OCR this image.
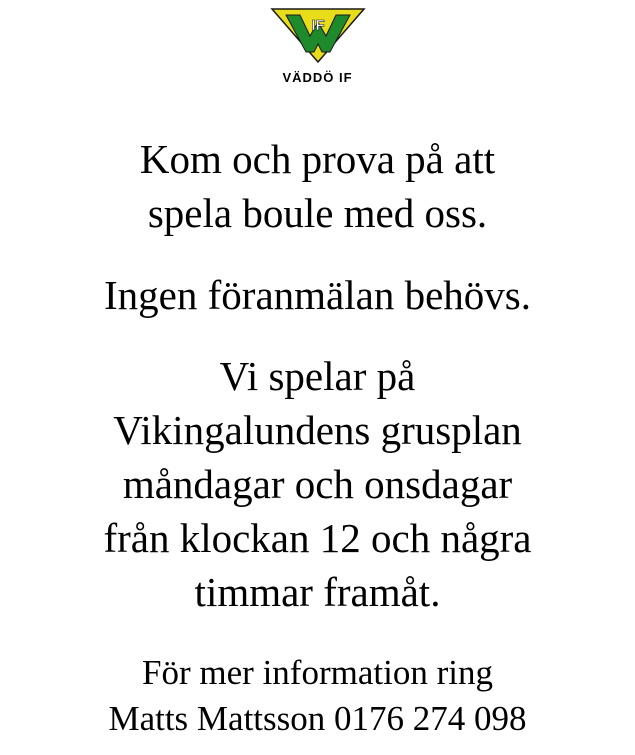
IF
VÄDDÖ IF

Kom och prova på att
spela boule med oss.

Ingen föranmälan behövs.

Vi spelar på
Vikingalundens grusplan
måndagar och onsdagar
från klockan 12 och några
timmar framåt.

För mer information ring
Matts Mattsson 0176 274 098
